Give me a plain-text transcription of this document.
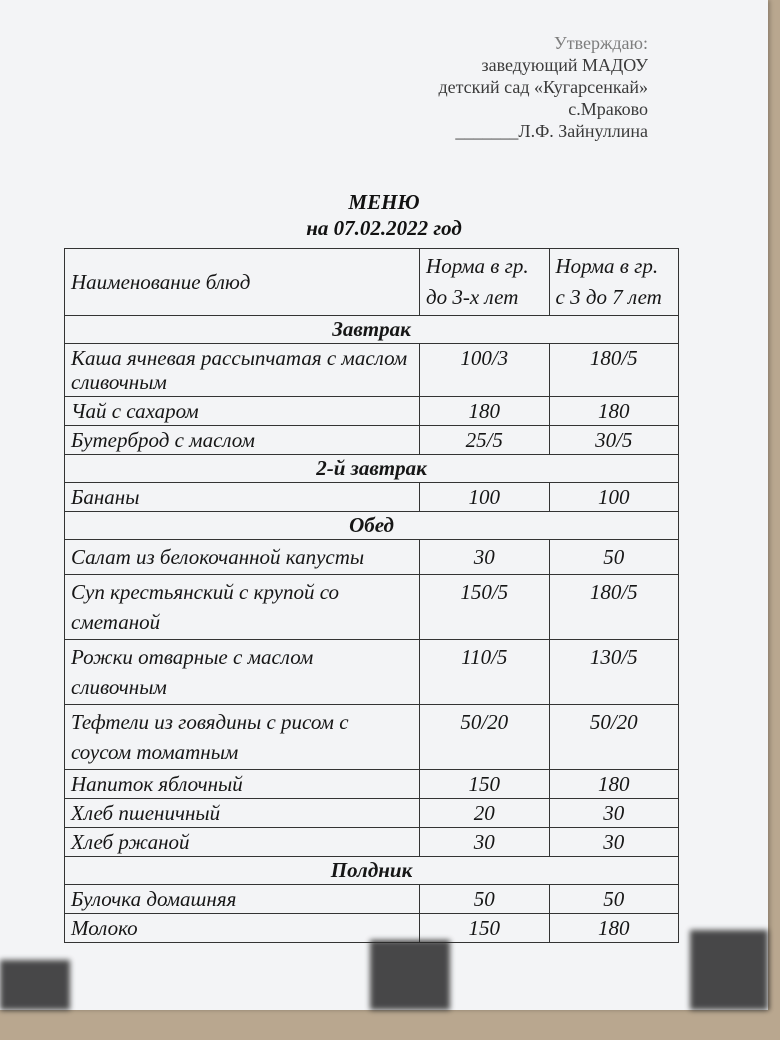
Утверждаю:
заведующий МАДОУ
детский сад «Кугарсенкай»
с.Мраково
_______Л.Ф. Зайнуллина
МЕНЮ
на 07.02.2022 год
Наименование блюд	Норма в гр. до 3-х лет	Норма в гр. с 3 до 7 лет
Завтрак		
Каша ячневая рассыпчатая с маслом сливочным	100/3	180/5
Чай с сахаром	180	180
Бутерброд с маслом	25/5	30/5
2-й завтрак		
Бананы	100	100
Обед		
Салат из белокочанной капусты	30	50
Суп крестьянский с крупой со сметаной	150/5	180/5
Рожки отварные с маслом сливочным	110/5	130/5
Тефтели из говядины с рисом с соусом томатным	50/20	50/20
Напиток яблочный	150	180
Хлеб пшеничный	20	30
Хлеб ржаной	30	30
Полдник		
Булочка домашняя	50	50
Молоко	150	180
